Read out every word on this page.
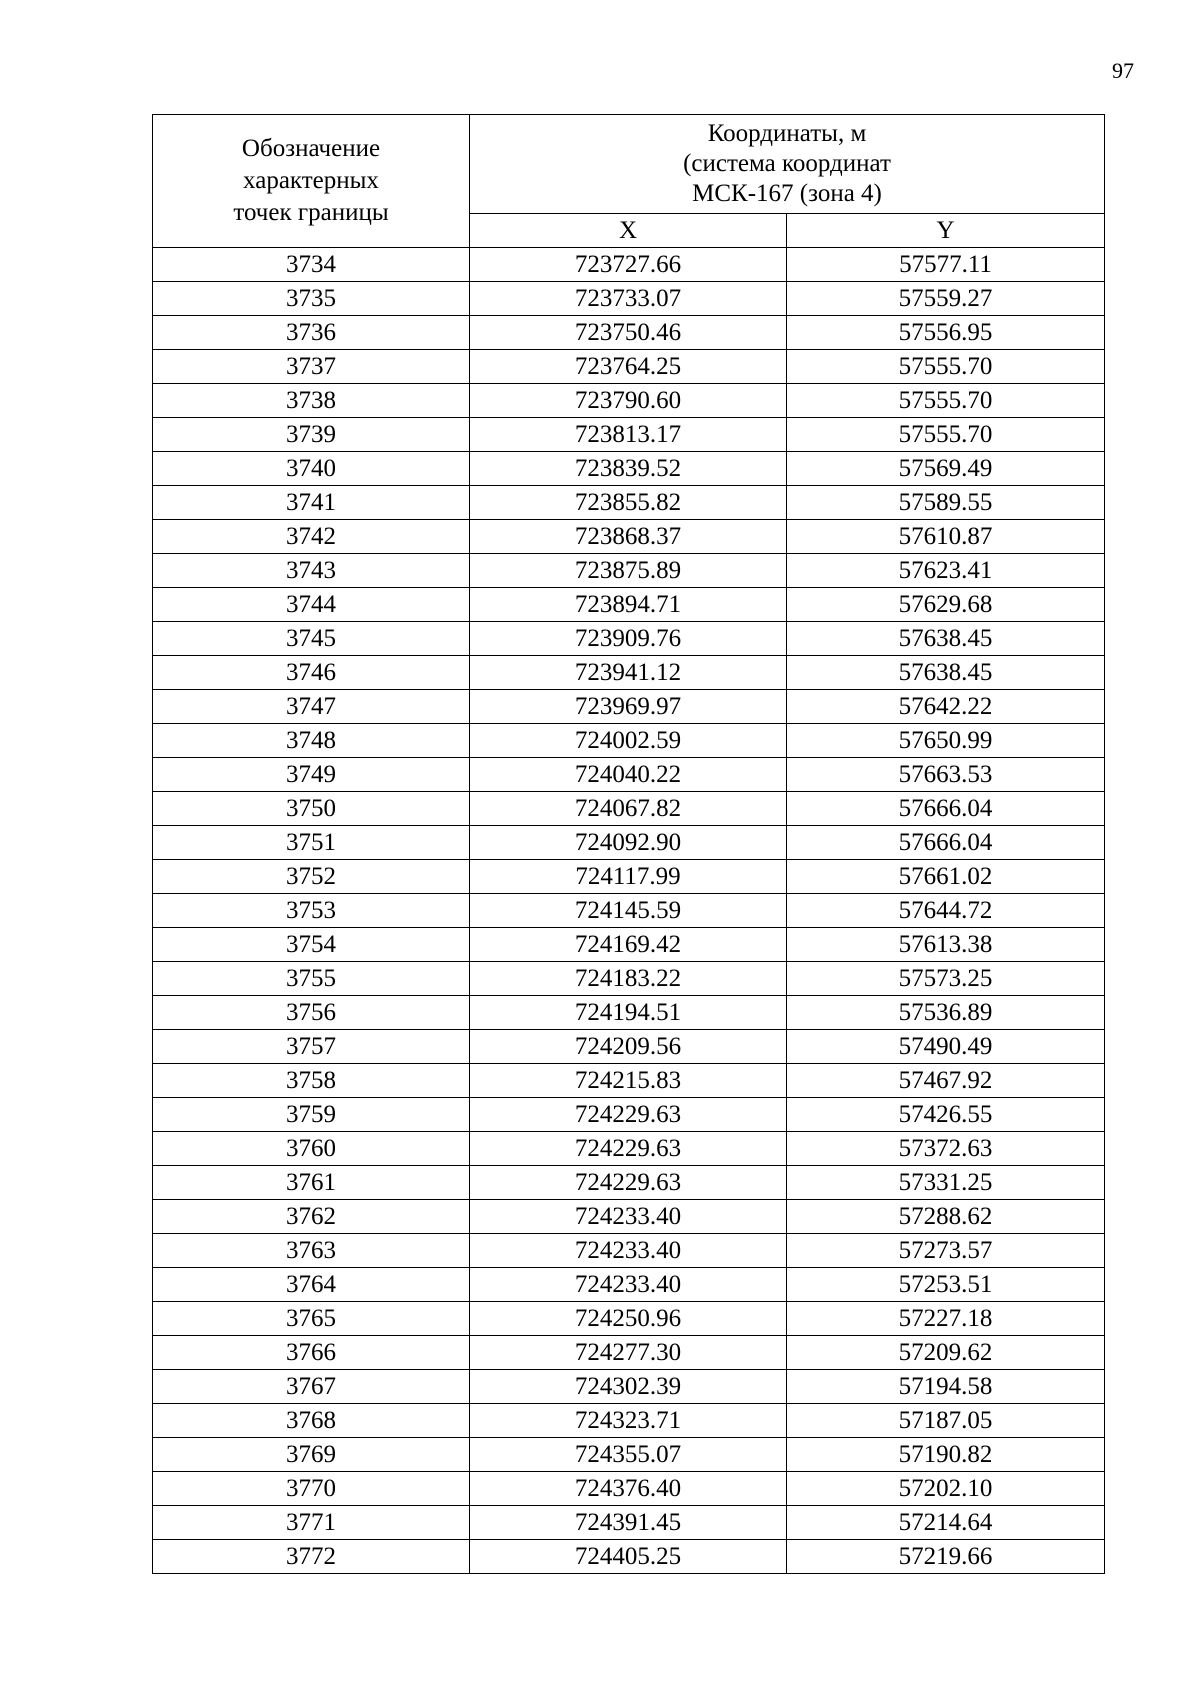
97
Обозначение
характерных
точек границы	Координаты, м
(система координат
МСК-167 (зона 4)	

	X	Y
3734	723727.66	57577.11
3735	723733.07	57559.27
3736	723750.46	57556.95
3737	723764.25	57555.70
3738	723790.60	57555.70
3739	723813.17	57555.70
3740	723839.52	57569.49
3741	723855.82	57589.55
3742	723868.37	57610.87
3743	723875.89	57623.41
3744	723894.71	57629.68
3745	723909.76	57638.45
3746	723941.12	57638.45
3747	723969.97	57642.22
3748	724002.59	57650.99
3749	724040.22	57663.53
3750	724067.82	57666.04
3751	724092.90	57666.04
3752	724117.99	57661.02
3753	724145.59	57644.72
3754	724169.42	57613.38
3755	724183.22	57573.25
3756	724194.51	57536.89
3757	724209.56	57490.49
3758	724215.83	57467.92
3759	724229.63	57426.55
3760	724229.63	57372.63
3761	724229.63	57331.25
3762	724233.40	57288.62
3763	724233.40	57273.57
3764	724233.40	57253.51
3765	724250.96	57227.18
3766	724277.30	57209.62
3767	724302.39	57194.58
3768	724323.71	57187.05
3769	724355.07	57190.82
3770	724376.40	57202.10
3771	724391.45	57214.64
3772	724405.25	57219.66
